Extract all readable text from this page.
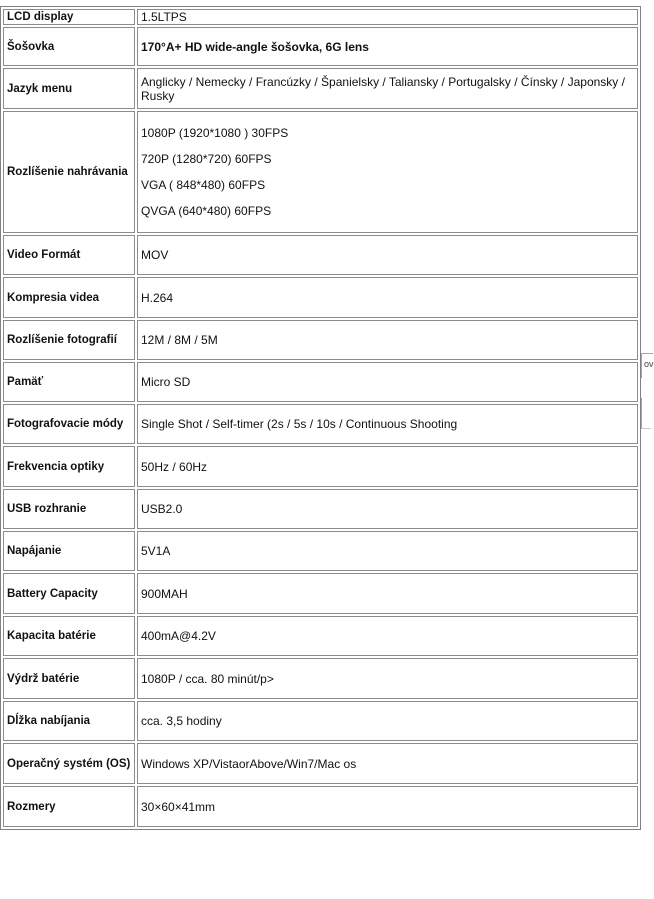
LCD display	1.5LTPS
Šošovka	170°A+ HD wide-angle šošovka, 6G lens
Jazyk menu	Anglicky / Nemecky / Francúzky / Španielsky / Taliansky / Portugalsky / Čínsky / Japonsky / Rusky
Rozlíšenie nahrávania	1080P (1920*1080 ) 30FPS
720P (1280*720) 60FPS
VGA ( 848*480) 60FPS
QVGA (640*480) 60FPS

Video Formát	MOV
Kompresia videa	H.264
Rozlíšenie fotografií	12M / 8M / 5M
Pamäť	Micro SD
Fotografovacie módy	Single Shot / Self-timer (2s / 5s / 10s / Continuous Shooting
Frekvencia optiky	50Hz / 60Hz
USB rozhranie	USB2.0
Napájanie	5V1A
Battery Capacity	900MAH
Kapacita batérie	400mA@4.2V
Výdrž batérie	1080P / cca. 80 minút/p>
Dĺžka nabíjania	cca. 3,5 hodiny
Operačný systém (OS)	Windows XP/VistaorAbove/Win7/Mac os
Rozmery	30×60×41mm
ov
